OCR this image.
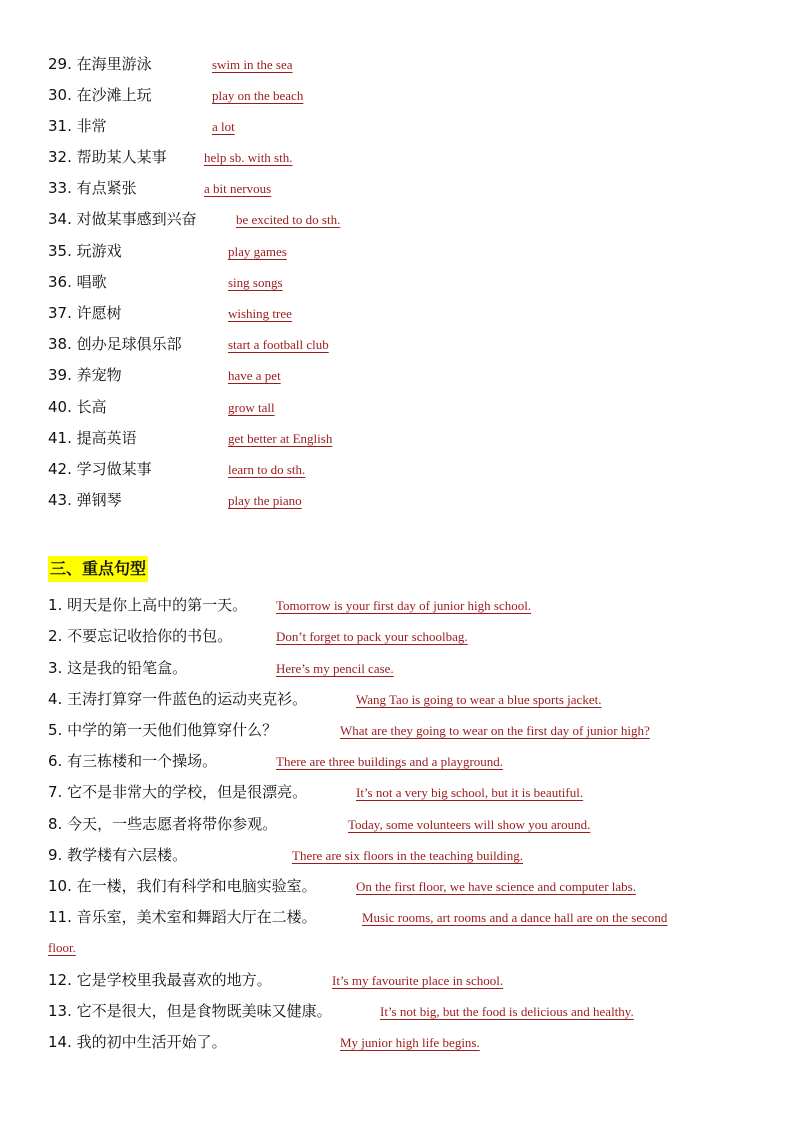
29. 在海里游泳	swim in the sea
30. 在沙滩上玩	play on the beach
31. 非常	a lot
32. 帮助某人某事	help sb. with sth.
33. 有点紧张	a bit nervous
34. 对做某事感到兴奋	be excited to do sth.
35. 玩游戏	play games
36. 唱歌	sing songs
37. 许愿树	wishing tree
38. 创办足球俱乐部	start a football club
39. 养宠物	have a pet
40. 长高	grow tall
41. 提高英语	get better at English
42. 学习做某事	learn to do sth.
43. 弹钢琴	play the piano
三、重点句型
1. 明天是你上高中的第一天。 Tomorrow is your first day of junior high school.
2. 不要忘记收拾你的书包。	Don’t forget to pack your schoolbag.
3. 这是我的铅笔盒。	Here’s my pencil case.
4. 王涛打算穿一件蓝色的运动夹克衫。	Wang Tao is going to wear a blue sports jacket.
5. 中学的第一天他们他算穿什么？	What are they going to wear on the first day of junior high?
6. 有三栋楼和一个操场。	There are three buildings and a playground.
7. 它不是非常大的学校，但是很漂亮。	It’s not a very big school, but it is beautiful.
8. 今天，一些志愿者将带你参观。	Today, some volunteers will show you around.
9. 教学楼有六层楼。	There are six floors in the teaching building.
10. 在一楼，我们有科学和电脑实验室。	On the first floor, we have science and computer labs.
11. 音乐室，美术室和舞蹈大厅在二楼。	Music rooms, art rooms and a dance hall are on the second
floor.
12. 它是学校里我最喜欢的地方。	It’s my favourite place in school.
13. 它不是很大，但是食物既美味又健康。	It’s not big, but the food is delicious and healthy.
14. 我的初中生活开始了。	My junior high life begins.
